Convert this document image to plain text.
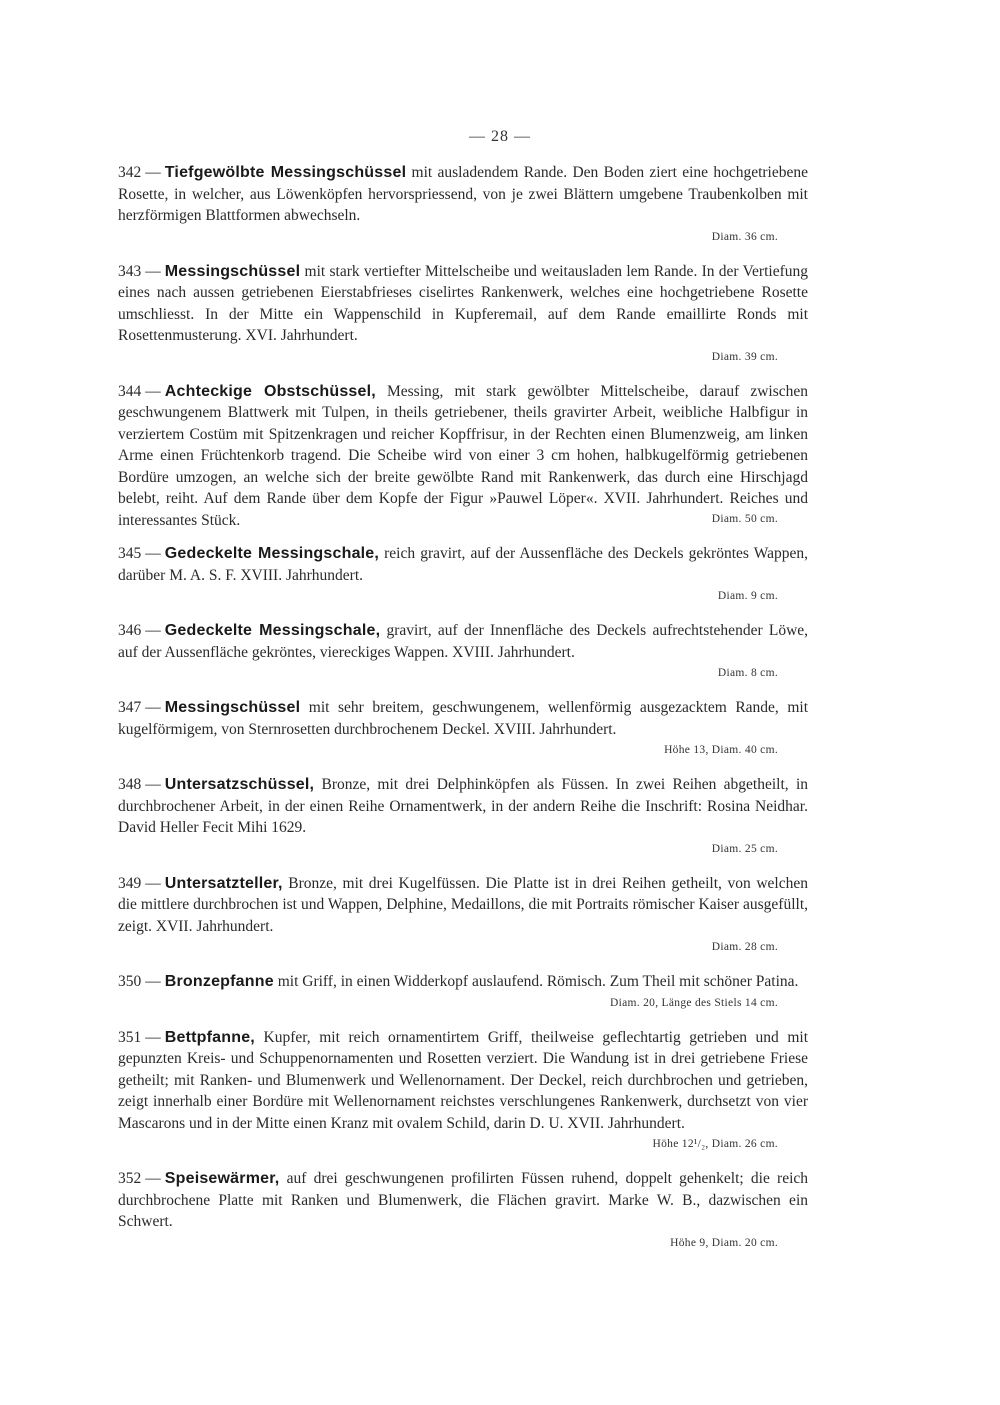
— 28 —
342 — Tiefgewölbte Messingschüssel mit ausladendem Rande. Den Boden ziert eine hochgetriebene Rosette, in welcher, aus Löwenköpfen hervorspriessend, von je zwei Blättern umgebene Traubenkolben mit herzförmigen Blattformen abwechseln.
Diam. 36 cm.
343 — Messingschüssel mit stark vertiefter Mittelscheibe und weitausladen lem Rande. In der Vertiefung eines nach aussen getriebenen Eierstabfrieses ciselirtes Rankenwerk, welches eine hochgetriebene Rosette umschliesst. In der Mitte ein Wappenschild in Kupferemail, auf dem Rande emaillirte Ronds mit Rosettenmusterung. XVI. Jahrhundert.
Diam. 39 cm.
344 — Achteckige Obstschüssel, Messing, mit stark gewölbter Mittelscheibe, darauf zwischen geschwungenem Blattwerk mit Tulpen, in theils getriebener, theils gravirter Arbeit, weibliche Halbfigur in verziertem Costüm mit Spitzenkragen und reicher Kopffrisur, in der Rechten einen Blumenzweig, am linken Arme einen Früchtenkorb tragend. Die Scheibe wird von einer 3 cm hohen, halbkugelförmig getriebenen Bordüre umzogen, an welche sich der breite gewölbte Rand mit Rankenwerk, das durch eine Hirschjagd belebt, reiht. Auf dem Rande über dem Kopfe der Figur »Pauwel Löper«. XVII. Jahrhundert. Reiches und interessantes Stück.	Diam. 50 cm.
345 — Gedeckelte Messingschale, reich gravirt, auf der Aussenfläche des Deckels gekröntes Wappen, darüber M. A. S. F. XVIII. Jahrhundert.
Diam. 9 cm.
346 — Gedeckelte Messingschale, gravirt, auf der Innenfläche des Deckels aufrechtstehender Löwe, auf der Aussenfläche gekröntes, viereckiges Wappen. XVIII. Jahrhundert.
Diam. 8 cm.
347 — Messingschüssel mit sehr breitem, geschwungenem, wellenförmig ausgezacktem Rande, mit kugelförmigem, von Sternrosetten durchbrochenem Deckel. XVIII. Jahrhundert.
Höhe 13, Diam. 40 cm.
348 — Untersatzschüssel, Bronze, mit drei Delphinköpfen als Füssen. In zwei Reihen abgetheilt, in durchbrochener Arbeit, in der einen Reihe Ornamentwerk, in der andern Reihe die Inschrift: Rosina Neidhar. David Heller Fecit Mihi 1629.
Diam. 25 cm.
349 — Untersatzteller, Bronze, mit drei Kugelfüssen. Die Platte ist in drei Reihen getheilt, von welchen die mittlere durchbrochen ist und Wappen, Delphine, Medaillons, die mit Portraits römischer Kaiser ausgefüllt, zeigt. XVII. Jahrhundert.
Diam. 28 cm.
350 — Bronzepfanne mit Griff, in einen Widderkopf auslaufend. Römisch. Zum Theil mit schöner Patina.
Diam. 20, Länge des Stiels 14 cm.
351 — Bettpfanne, Kupfer, mit reich ornamentirtem Griff, theilweise geflechtartig getrieben und mit gepunzten Kreis- und Schuppenornamenten und Rosetten verziert. Die Wandung ist in drei getriebene Friese getheilt; mit Ranken- und Blumenwerk und Wellenornament. Der Deckel, reich durchbrochen und getrieben, zeigt innerhalb einer Bordüre mit Wellenornament reichstes verschlungenes Rankenwerk, durchsetzt von vier Mascarons und in der Mitte einen Kranz mit ovalem Schild, darin D. U. XVII. Jahrhundert.
Höhe 12¹/₂, Diam. 26 cm.
352 — Speisewärmer, auf drei geschwungenen profilirten Füssen ruhend, doppelt gehenkelt; die reich durchbrochene Platte mit Ranken und Blumenwerk, die Flächen gravirt. Marke W. B., dazwischen ein Schwert.
Höhe 9, Diam. 20 cm.
